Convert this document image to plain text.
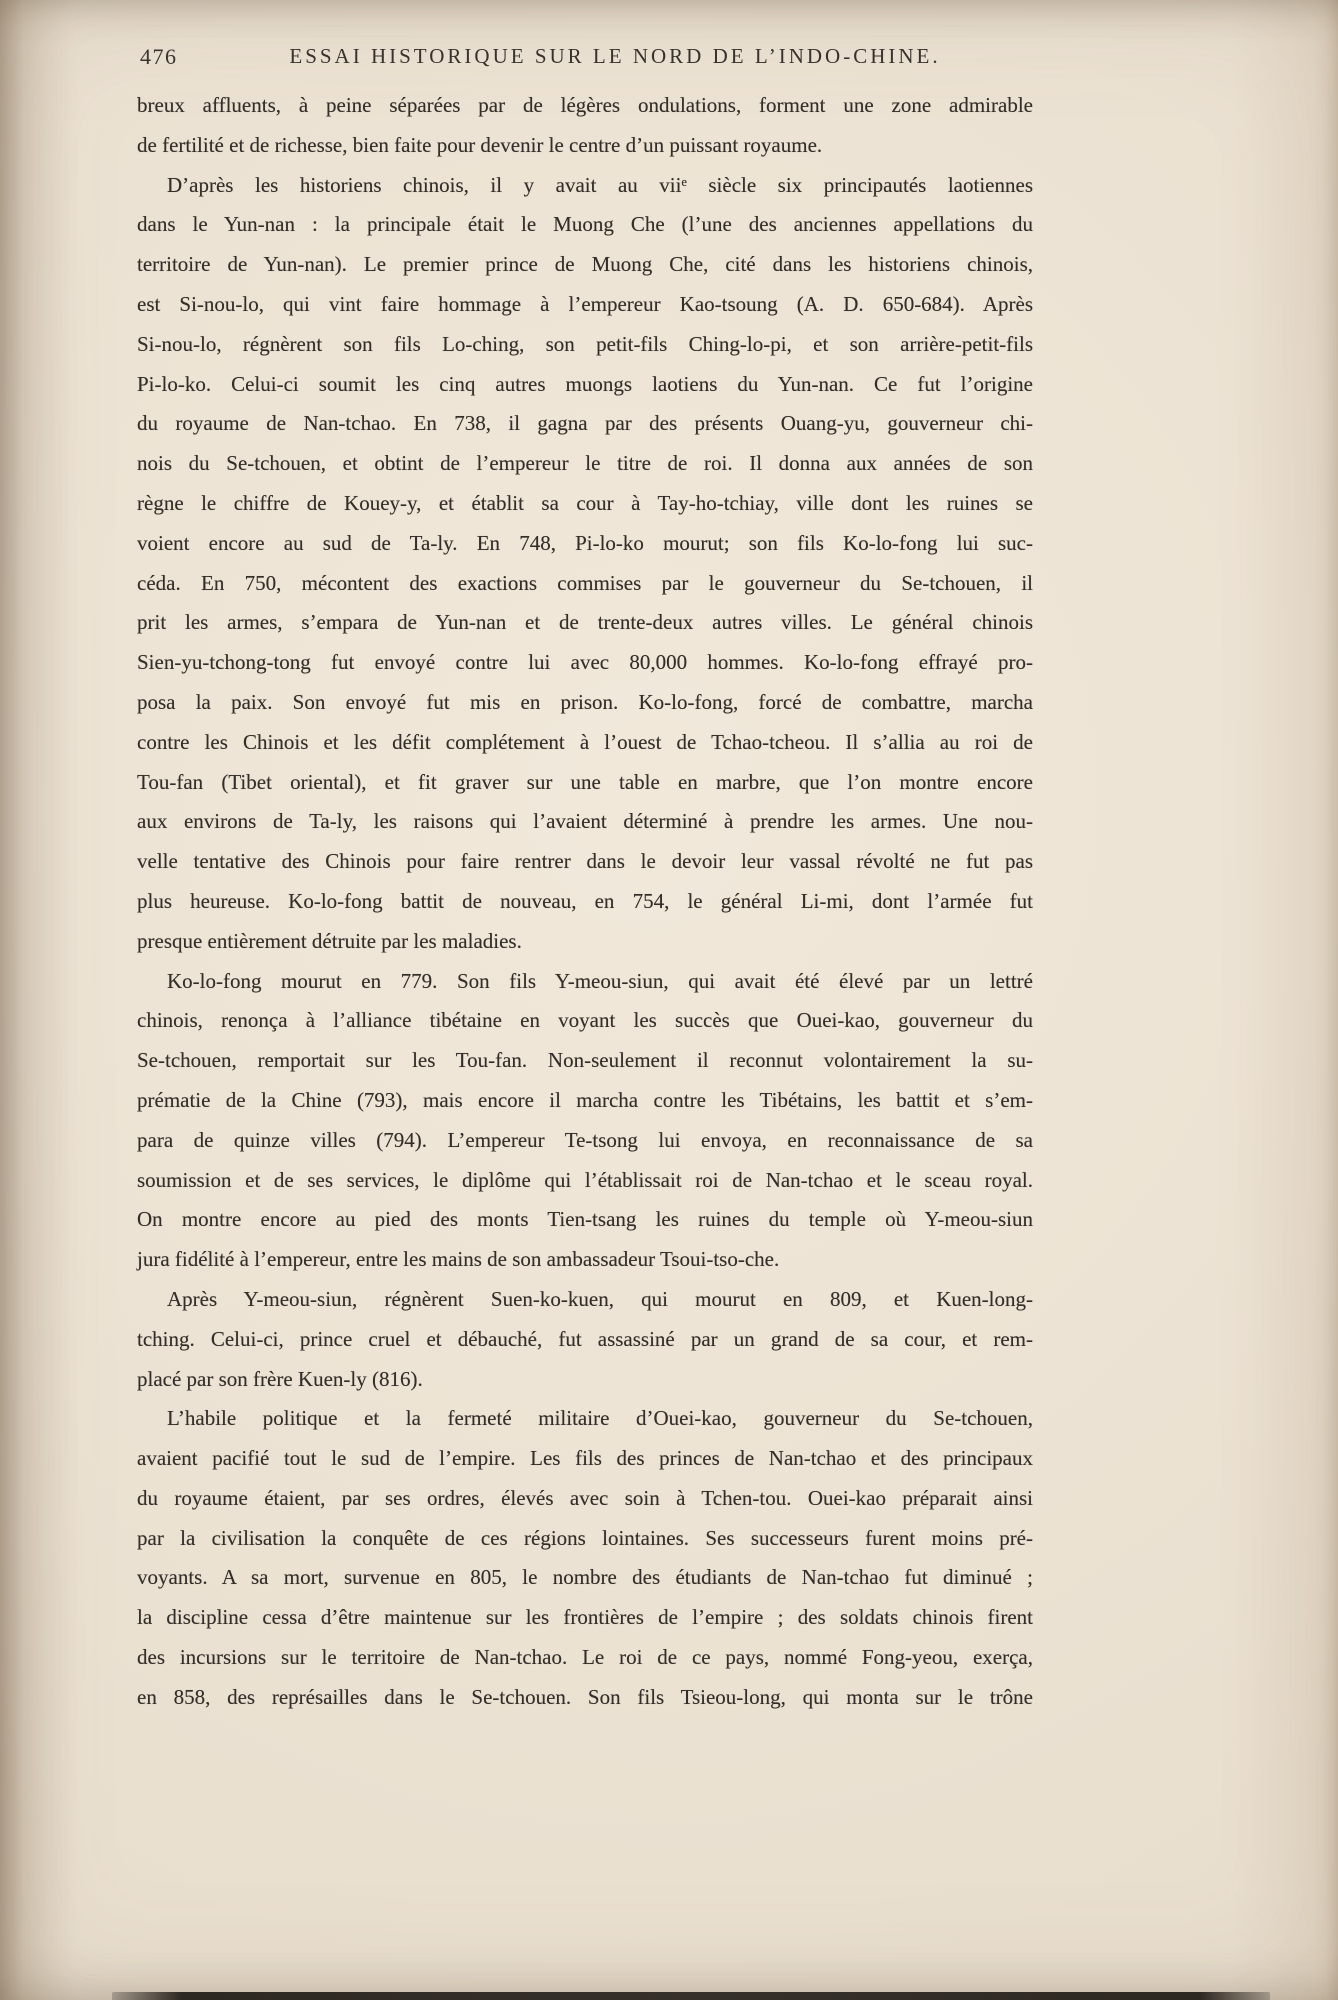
476	ESSAI HISTORIQUE SUR LE NORD DE L’INDO-CHINE.
breux affluents, à peine séparées par de légères ondulations, forment une zone admirable
de fertilité et de richesse, bien faite pour devenir le centre d’un puissant royaume.
D’après les historiens chinois, il y avait au viiᵉ siècle six principautés laotiennes
dans le Yun-nan : la principale était le Muong Che (l’une des anciennes appellations du
territoire de Yun-nan). Le premier prince de Muong Che, cité dans les historiens chinois,
est Si-nou-lo, qui vint faire hommage à l’empereur Kao-tsoung (A. D. 650-684). Après
Si-nou-lo, régnèrent son fils Lo-ching, son petit-fils Ching-lo-pi, et son arrière-petit-fils
Pi-lo-ko. Celui-ci soumit les cinq autres muongs laotiens du Yun-nan. Ce fut l’origine
du royaume de Nan-tchao. En 738, il gagna par des présents Ouang-yu, gouverneur chi-
nois du Se-tchouen, et obtint de l’empereur le titre de roi. Il donna aux années de son
règne le chiffre de Kouey-y, et établit sa cour à Tay-ho-tchiay, ville dont les ruines se
voient encore au sud de Ta-ly. En 748, Pi-lo-ko mourut; son fils Ko-lo-fong lui suc-
céda. En 750, mécontent des exactions commises par le gouverneur du Se-tchouen, il
prit les armes, s’empara de Yun-nan et de trente-deux autres villes. Le général chinois
Sien-yu-tchong-tong fut envoyé contre lui avec 80,000 hommes. Ko-lo-fong effrayé pro-
posa la paix. Son envoyé fut mis en prison. Ko-lo-fong, forcé de combattre, marcha
contre les Chinois et les défit complétement à l’ouest de Tchao-tcheou. Il s’allia au roi de
Tou-fan (Tibet oriental), et fit graver sur une table en marbre, que l’on montre encore
aux environs de Ta-ly, les raisons qui l’avaient déterminé à prendre les armes. Une nou-
velle tentative des Chinois pour faire rentrer dans le devoir leur vassal révolté ne fut pas
plus heureuse. Ko-lo-fong battit de nouveau, en 754, le général Li-mi, dont l’armée fut
presque entièrement détruite par les maladies.
Ko-lo-fong mourut en 779. Son fils Y-meou-siun, qui avait été élevé par un lettré
chinois, renonça à l’alliance tibétaine en voyant les succès que Ouei-kao, gouverneur du
Se-tchouen, remportait sur les Tou-fan. Non-seulement il reconnut volontairement la su-
prématie de la Chine (793), mais encore il marcha contre les Tibétains, les battit et s’em-
para de quinze villes (794). L’empereur Te-tsong lui envoya, en reconnaissance de sa
soumission et de ses services, le diplôme qui l’établissait roi de Nan-tchao et le sceau royal.
On montre encore au pied des monts Tien-tsang les ruines du temple où Y-meou-siun
jura fidélité à l’empereur, entre les mains de son ambassadeur Tsoui-tso-che.
Après Y-meou-siun, régnèrent Suen-ko-kuen, qui mourut en 809, et Kuen-long-
tching. Celui-ci, prince cruel et débauché, fut assassiné par un grand de sa cour, et rem-
placé par son frère Kuen-ly (816).
L’habile politique et la fermeté militaire d’Ouei-kao, gouverneur du Se-tchouen,
avaient pacifié tout le sud de l’empire. Les fils des princes de Nan-tchao et des principaux
du royaume étaient, par ses ordres, élevés avec soin à Tchen-tou. Ouei-kao préparait ainsi
par la civilisation la conquête de ces régions lointaines. Ses successeurs furent moins pré-
voyants. A sa mort, survenue en 805, le nombre des étudiants de Nan-tchao fut diminué ;
la discipline cessa d’être maintenue sur les frontières de l’empire ; des soldats chinois firent
des incursions sur le territoire de Nan-tchao. Le roi de ce pays, nommé Fong-yeou, exerça,
en 858, des représailles dans le Se-tchouen. Son fils Tsieou-long, qui monta sur le trône
